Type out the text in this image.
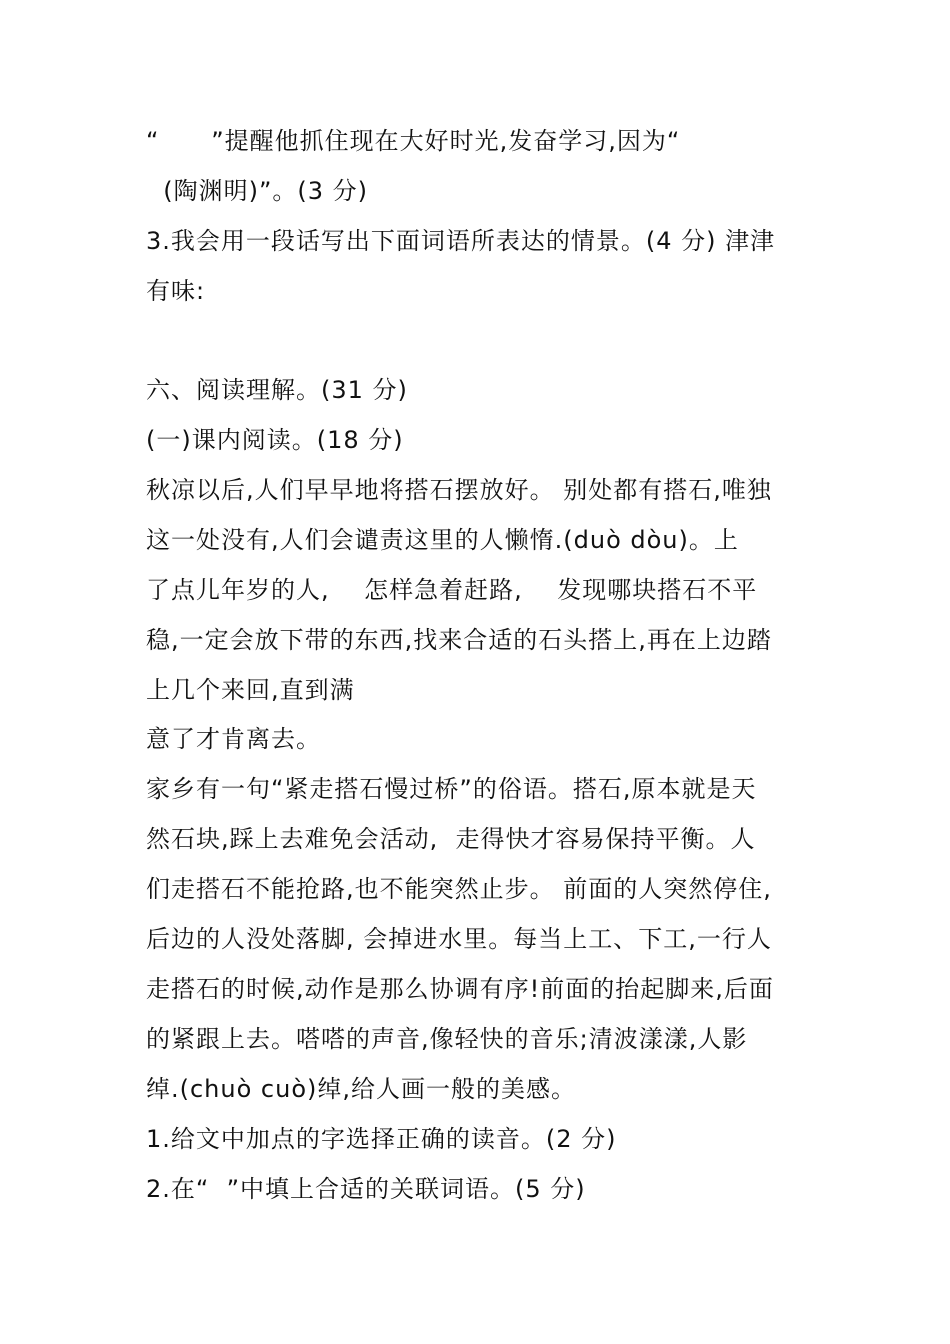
“      ”提醒他抓住现在大好时光,发奋学习,因为“
(陶渊明)”。(3 分)
3.我会用一段话写出下面词语所表达的情景。(4 分) 津津
有味:
六、阅读理解。(31 分)
(一)课内阅读。(18 分)
秋凉以后,人们早早地将搭石摆放好。 别处都有搭石,唯独
这一处没有,人们会谴责这里的人懒惰.(duò dòu)。上
了点儿年岁的人,    怎样急着赶路,    发现哪块搭石不平
稳,一定会放下带的东西,找来合适的石头搭上,再在上边踏
上几个来回,直到满
意了才肯离去。
家乡有一句“紧走搭石慢过桥”的俗语。搭石,原本就是天
然石块,踩上去难免会活动,  走得快才容易保持平衡。人
们走搭石不能抢路,也不能突然止步。 前面的人突然停住,
后边的人没处落脚, 会掉进水里。每当上工、下工,一行人
走搭石的时候,动作是那么协调有序!前面的抬起脚来,后面
的紧跟上去。嗒嗒的声音,像轻快的音乐;清波漾漾,人影
绰.(chuò cuò)绰,给人画一般的美感。
1.给文中加点的字选择正确的读音。(2 分)
2.在“  ”中填上合适的关联词语。(5 分)
